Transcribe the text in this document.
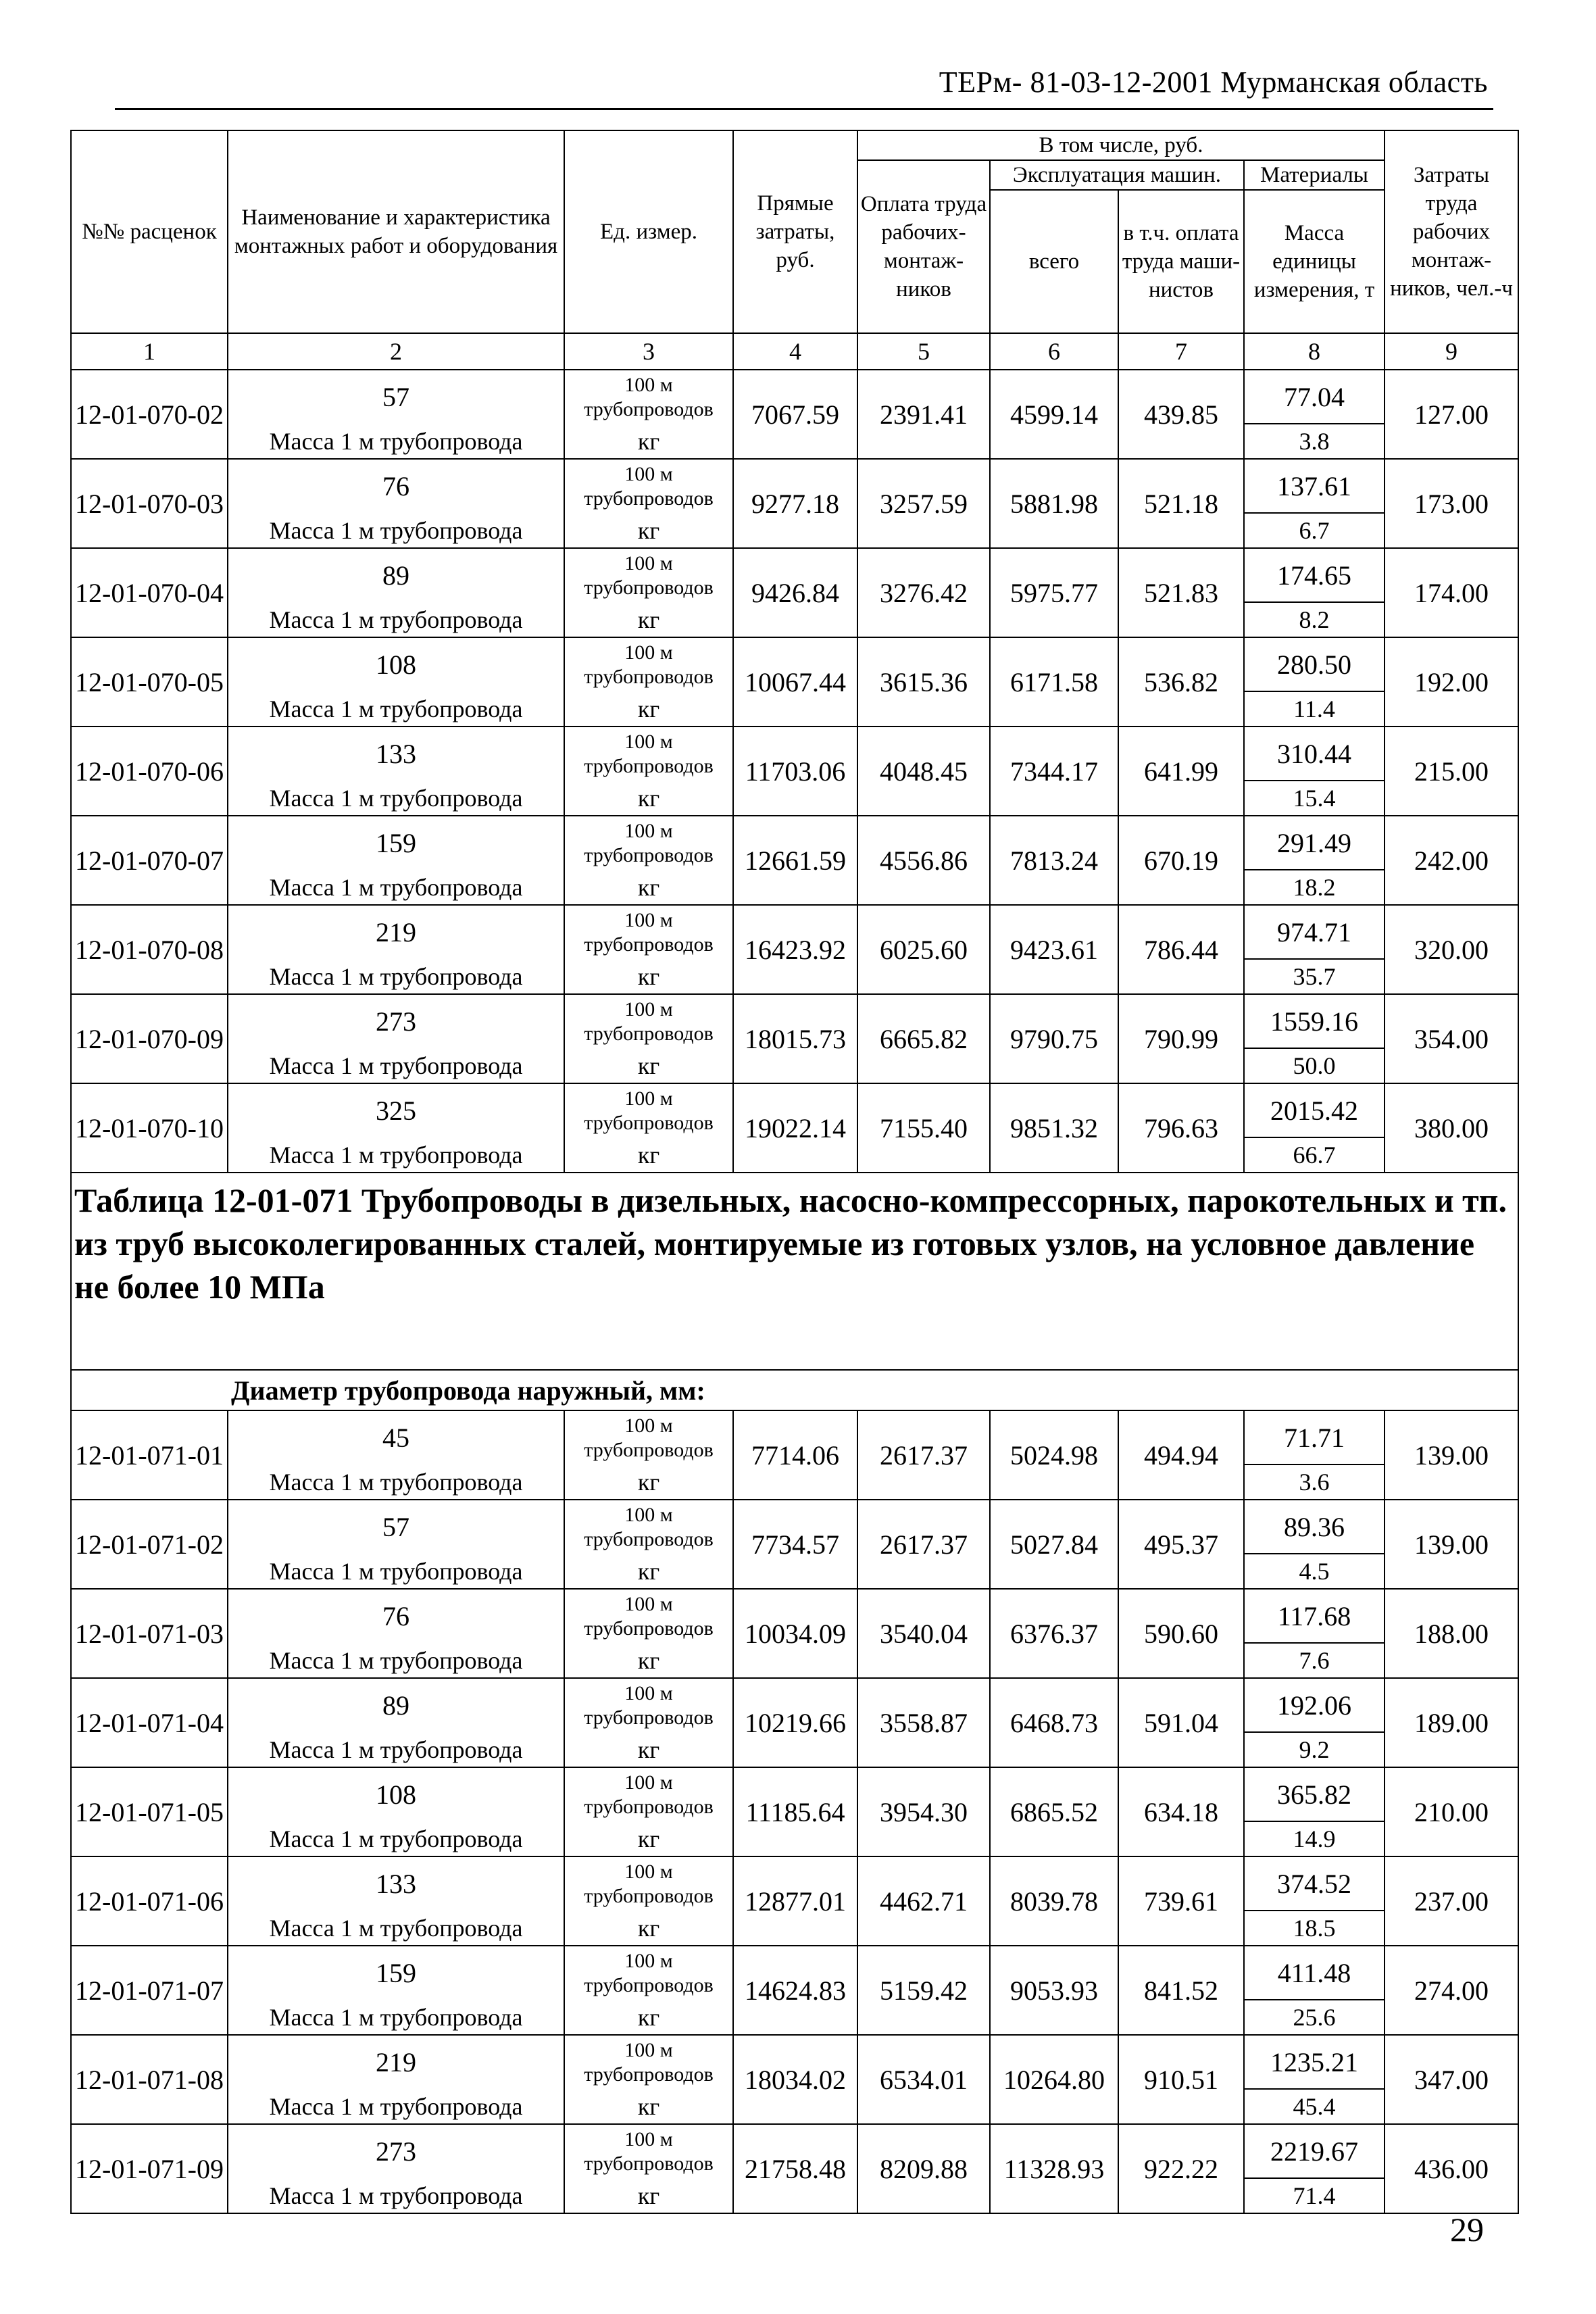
ТЕРм- 81-03-12-2001 Мурманская область
№№ расценок	Наименование и характеристика монтажных работ и оборудования	Ед. измер.	Прямые затраты, руб.	В том числе, руб.				Затраты труда рабочих монтаж-ников, чел.-ч
				Оплата труда рабочих-монтаж-ников	Эксплуатация машин.		Материалы	
					всего	в т.ч. оплата труда маши-нистов	Масса единицы измерения, т	

1	2	3	4	5	6	7	8	9
12-01-070-02	57	100 м трубопроводов	7067.59	2391.41	4599.14	439.85	77.04	127.00
	Масса 1 м трубопровода	кг					3.8	
12-01-070-03	76	100 м трубопроводов	9277.18	3257.59	5881.98	521.18	137.61	173.00
	Масса 1 м трубопровода	кг					6.7	
12-01-070-04	89	100 м трубопроводов	9426.84	3276.42	5975.77	521.83	174.65	174.00
	Масса 1 м трубопровода	кг					8.2	
12-01-070-05	108	100 м трубопроводов	10067.44	3615.36	6171.58	536.82	280.50	192.00
	Масса 1 м трубопровода	кг					11.4	
12-01-070-06	133	100 м трубопроводов	11703.06	4048.45	7344.17	641.99	310.44	215.00
	Масса 1 м трубопровода	кг					15.4	
12-01-070-07	159	100 м трубопроводов	12661.59	4556.86	7813.24	670.19	291.49	242.00
	Масса 1 м трубопровода	кг					18.2	
12-01-070-08	219	100 м трубопроводов	16423.92	6025.60	9423.61	786.44	974.71	320.00
	Масса 1 м трубопровода	кг					35.7	
12-01-070-09	273	100 м трубопроводов	18015.73	6665.82	9790.75	790.99	1559.16	354.00
	Масса 1 м трубопровода	кг					50.0	
12-01-070-10	325	100 м трубопроводов	19022.14	7155.40	9851.32	796.63	2015.42	380.00
	Масса 1 м трубопровода	кг					66.7	
Таблица 12-01-071 Трубопроводы в дизельных, насосно-компрессорных, парокотельных и тп. из труб высоколегированных сталей, монтируемые из готовых узлов, на условное давление не более 10 МПа								
Диаметр трубопровода наружный, мм:								
12-01-071-01	45	100 м трубопроводов	7714.06	2617.37	5024.98	494.94	71.71	139.00
	Масса 1 м трубопровода	кг					3.6	
12-01-071-02	57	100 м трубопроводов	7734.57	2617.37	5027.84	495.37	89.36	139.00
	Масса 1 м трубопровода	кг					4.5	
12-01-071-03	76	100 м трубопроводов	10034.09	3540.04	6376.37	590.60	117.68	188.00
	Масса 1 м трубопровода	кг					7.6	
12-01-071-04	89	100 м трубопроводов	10219.66	3558.87	6468.73	591.04	192.06	189.00
	Масса 1 м трубопровода	кг					9.2	
12-01-071-05	108	100 м трубопроводов	11185.64	3954.30	6865.52	634.18	365.82	210.00
	Масса 1 м трубопровода	кг					14.9	
12-01-071-06	133	100 м трубопроводов	12877.01	4462.71	8039.78	739.61	374.52	237.00
	Масса 1 м трубопровода	кг					18.5	
12-01-071-07	159	100 м трубопроводов	14624.83	5159.42	9053.93	841.52	411.48	274.00
	Масса 1 м трубопровода	кг					25.6	
12-01-071-08	219	100 м трубопроводов	18034.02	6534.01	10264.80	910.51	1235.21	347.00
	Масса 1 м трубопровода	кг					45.4	
12-01-071-09	273	100 м трубопроводов	21758.48	8209.88	11328.93	922.22	2219.67	436.00
	Масса 1 м трубопровода	кг					71.4	
29
